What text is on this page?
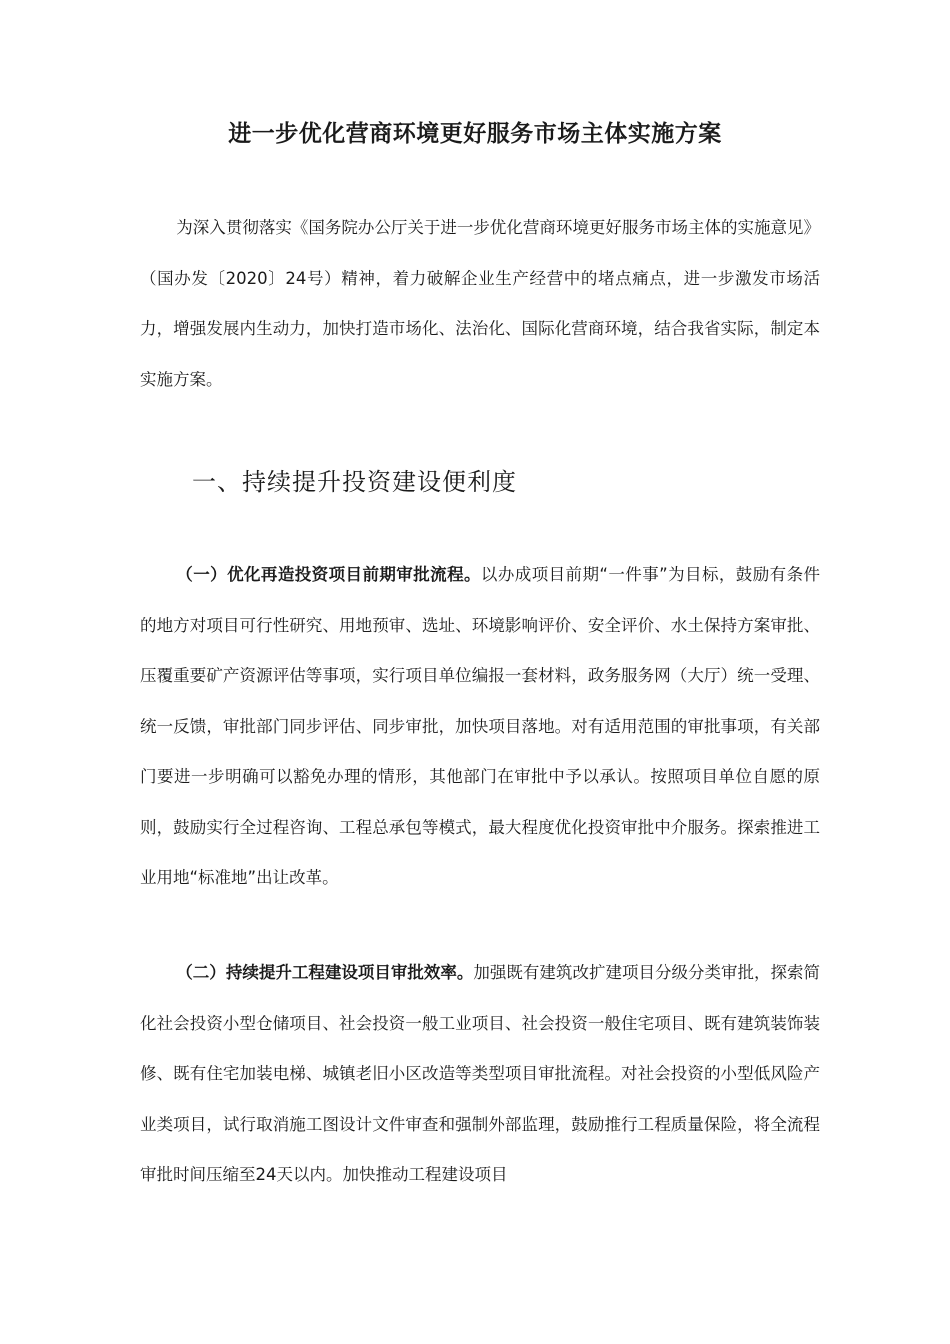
进一步优化营商环境更好服务市场主体实施方案

为深入贯彻落实《国务院办公厅关于进一步优化营商环境更好服务市场主体的实施意见》（国办发〔2020〕24号）精神，着力破解企业生产经营中的堵点痛点，进一步激发市场活力，增强发展内生动力，加快打造市场化、法治化、国际化营商环境，结合我省实际，制定本实施方案。

一、持续提升投资建设便利度

（一）优化再造投资项目前期审批流程。以办成项目前期“一件事”为目标，鼓励有条件的地方对项目可行性研究、用地预审、选址、环境影响评价、安全评价、水土保持方案审批、压覆重要矿产资源评估等事项，实行项目单位编报一套材料，政务服务网（大厅）统一受理、统一反馈，审批部门同步评估、同步审批，加快项目落地。对有适用范围的审批事项，有关部门要进一步明确可以豁免办理的情形，其他部门在审批中予以承认。按照项目单位自愿的原则，鼓励实行全过程咨询、工程总承包等模式，最大程度优化投资审批中介服务。探索推进工业用地“标准地”出让改革。

（二）持续提升工程建设项目审批效率。加强既有建筑改扩建项目分级分类审批，探索简化社会投资小型仓储项目、社会投资一般工业项目、社会投资一般住宅项目、既有建筑装饰装修、既有住宅加装电梯、城镇老旧小区改造等类型项目审批流程。对社会投资的小型低风险产业类项目，试行取消施工图设计文件审查和强制外部监理，鼓励推行工程质量保险，将全流程审批时间压缩至24天以内。加快推动工程建设项目
